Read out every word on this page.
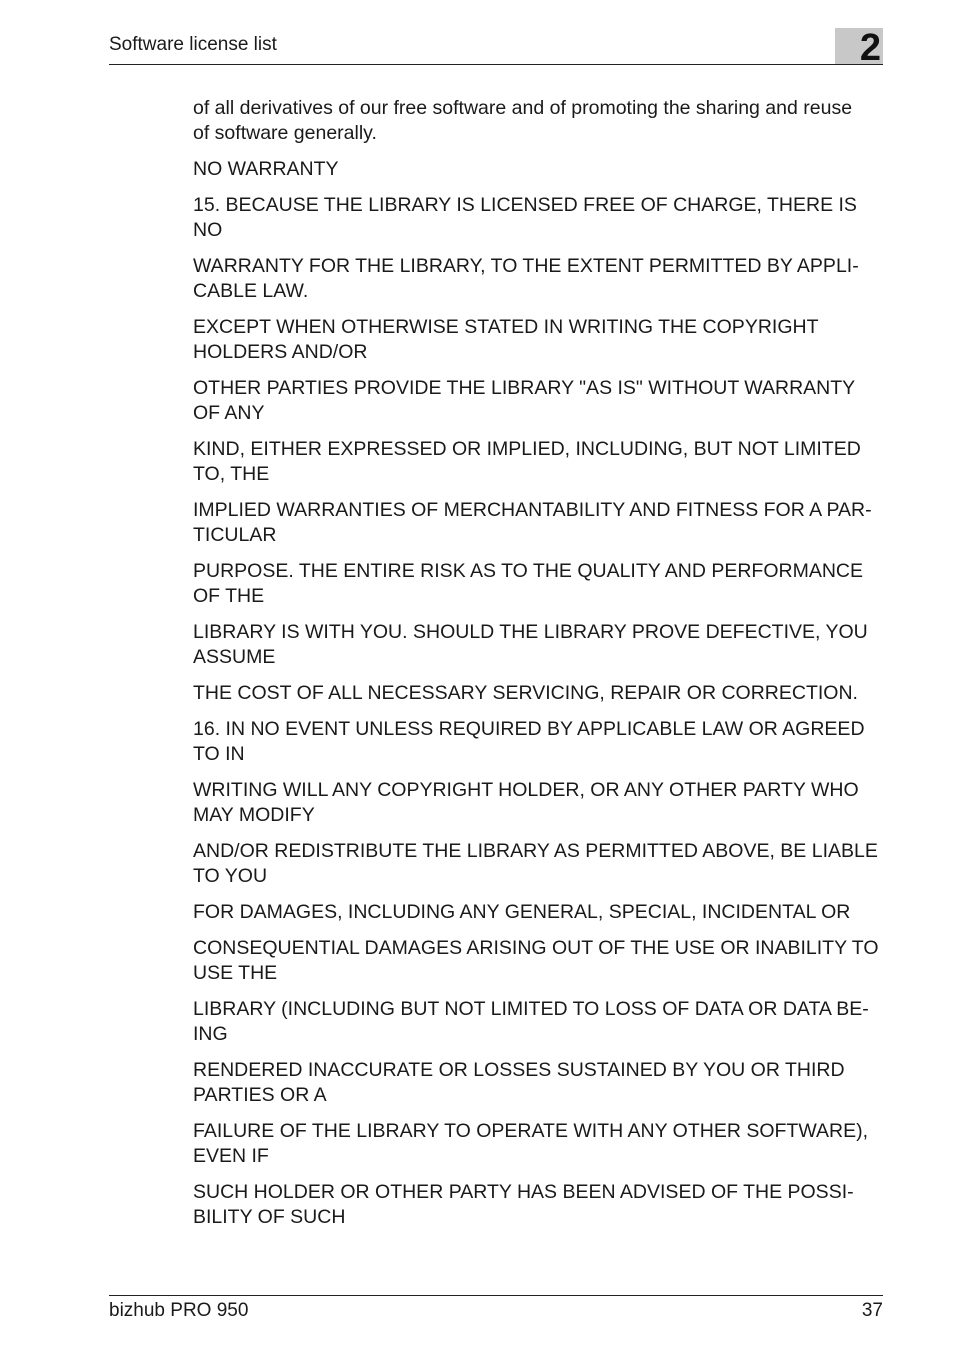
Software license list	2

of all derivatives of our free software and of promoting the sharing and reuse
of software generally.

NO WARRANTY

15. BECAUSE THE LIBRARY IS LICENSED FREE OF CHARGE, THERE IS
NO

WARRANTY FOR THE LIBRARY, TO THE EXTENT PERMITTED BY APPLI-
CABLE LAW.

EXCEPT WHEN OTHERWISE STATED IN WRITING THE COPYRIGHT
HOLDERS AND/OR

OTHER PARTIES PROVIDE THE LIBRARY "AS IS" WITHOUT WARRANTY
OF ANY

KIND, EITHER EXPRESSED OR IMPLIED, INCLUDING, BUT NOT LIMITED
TO, THE

IMPLIED WARRANTIES OF MERCHANTABILITY AND FITNESS FOR A PAR-
TICULAR

PURPOSE. THE ENTIRE RISK AS TO THE QUALITY AND PERFORMANCE
OF THE

LIBRARY IS WITH YOU. SHOULD THE LIBRARY PROVE DEFECTIVE, YOU
ASSUME

THE COST OF ALL NECESSARY SERVICING, REPAIR OR CORRECTION.

16. IN NO EVENT UNLESS REQUIRED BY APPLICABLE LAW OR AGREED
TO IN

WRITING WILL ANY COPYRIGHT HOLDER, OR ANY OTHER PARTY WHO
MAY MODIFY

AND/OR REDISTRIBUTE THE LIBRARY AS PERMITTED ABOVE, BE LIABLE
TO YOU

FOR DAMAGES, INCLUDING ANY GENERAL, SPECIAL, INCIDENTAL OR

CONSEQUENTIAL DAMAGES ARISING OUT OF THE USE OR INABILITY TO
USE THE

LIBRARY (INCLUDING BUT NOT LIMITED TO LOSS OF DATA OR DATA BE-
ING

RENDERED INACCURATE OR LOSSES SUSTAINED BY YOU OR THIRD
PARTIES OR A

FAILURE OF THE LIBRARY TO OPERATE WITH ANY OTHER SOFTWARE),
EVEN IF

SUCH HOLDER OR OTHER PARTY HAS BEEN ADVISED OF THE POSSI-
BILITY OF SUCH

bizhub PRO 950	37
